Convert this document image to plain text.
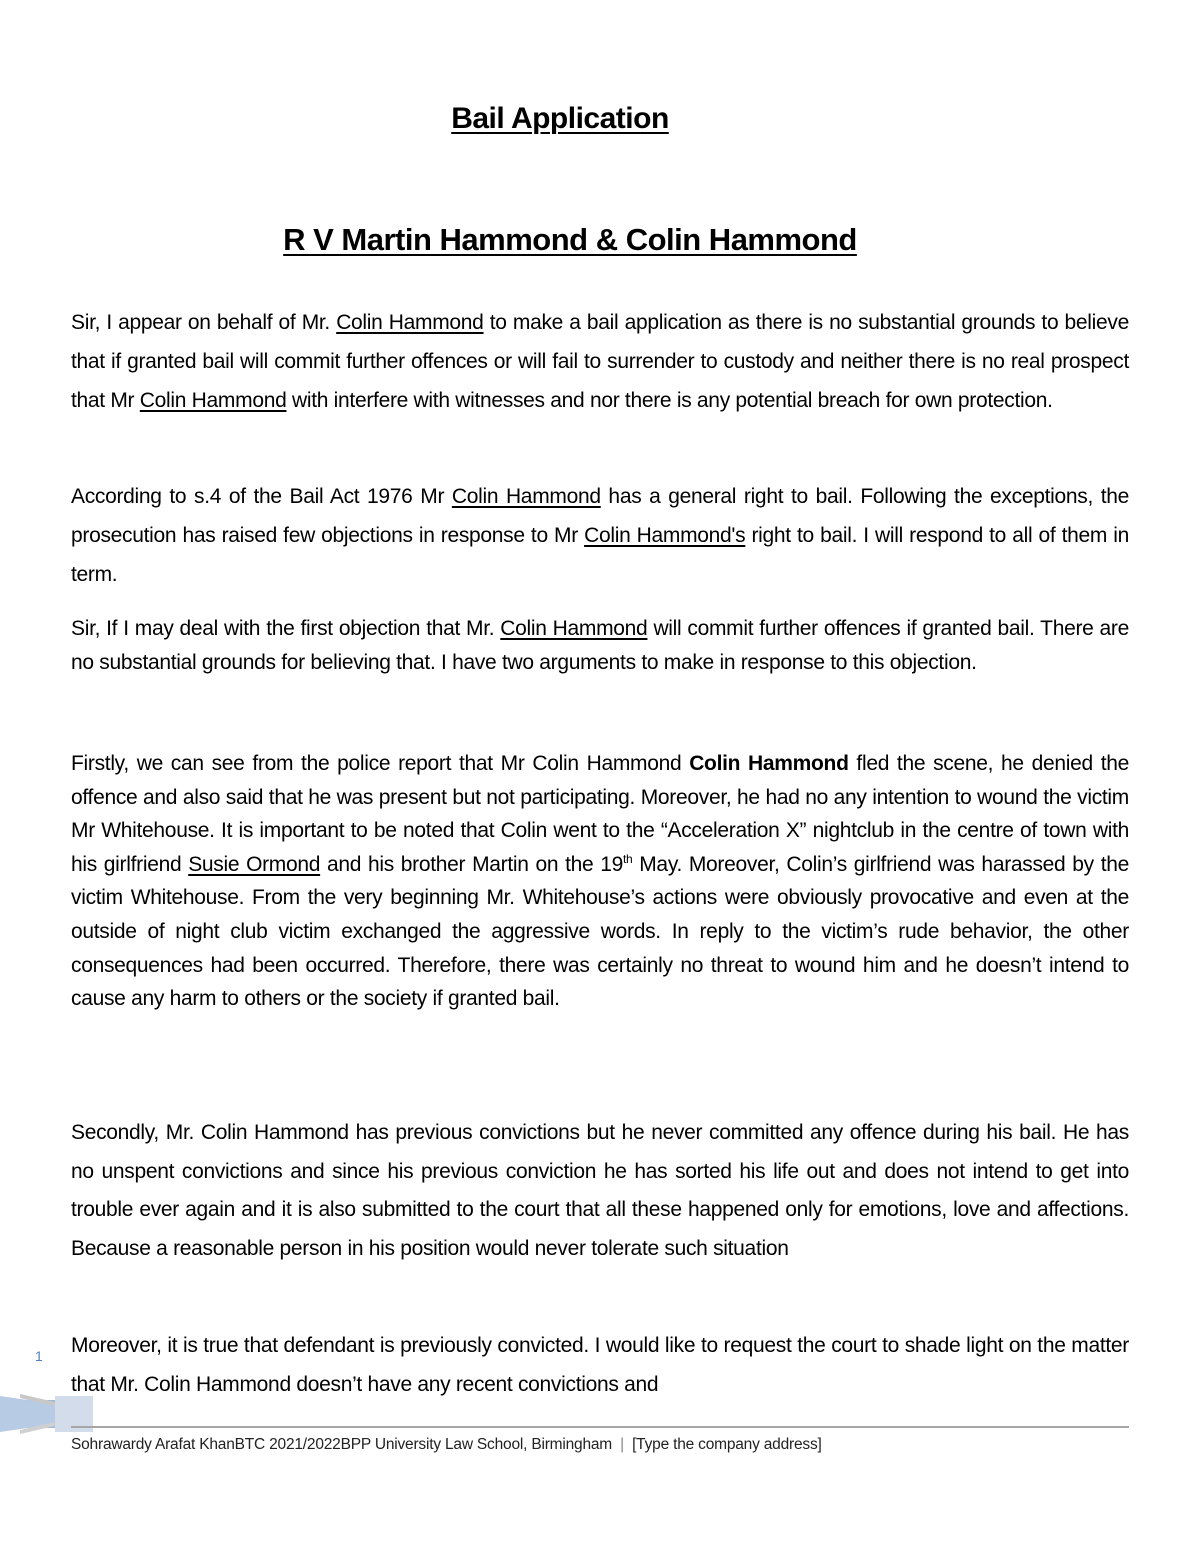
Bail Application
R V Martin Hammond & Colin Hammond

Sir, I appear on behalf of Mr. Colin Hammond to make a bail application as there is no substantial grounds to believe that if granted bail will commit further offences or will fail to surrender to custody and neither there is no real prospect that Mr Colin Hammond with interfere with witnesses and nor there is any potential breach for own protection.

According to s.4 of the Bail Act 1976 Mr Colin Hammond has a general right to bail. Following the exceptions, the prosecution has raised few objections in response to Mr Colin Hammond's right to bail. I will respond to all of them in term.

Sir, If I may deal with the first objection that Mr. Colin Hammond will commit further offences if granted bail. There are no substantial grounds for believing that. I have two arguments to make in response to this objection.

Firstly, we can see from the police report that Mr Colin Hammond Colin Hammond fled the scene, he denied the offence and also said that he was present but not participating. Moreover, he had no any intention to wound the victim Mr Whitehouse. It is important to be noted that Colin went to the “Acceleration X” nightclub in the centre of town with his girlfriend Susie Ormond and his brother Martin on the 19th May. Moreover, Colin’s girlfriend was harassed by the victim Whitehouse. From the very beginning Mr. Whitehouse’s actions were obviously provocative and even at the outside of night club victim exchanged the aggressive words. In reply to the victim’s rude behavior, the other consequences had been occurred. Therefore, there was certainly no threat to wound him and he doesn’t intend to cause any harm to others or the society if granted bail.

Secondly, Mr. Colin Hammond has previous convictions but he never committed any offence during his bail. He has no unspent convictions and since his previous conviction he has sorted his life out and does not intend to get into trouble ever again and it is also submitted to the court that all these happened only for emotions, love and affections. Because a reasonable person in his position would never tolerate such situation

Moreover, it is true that defendant is previously convicted. I would like to request the court to shade light on the matter that Mr. Colin Hammond doesn’t have any recent convictions and

1
Sohrawardy Arafat KhanBTC 2021/2022BPP University Law School, Birmingham | [Type the company address]
